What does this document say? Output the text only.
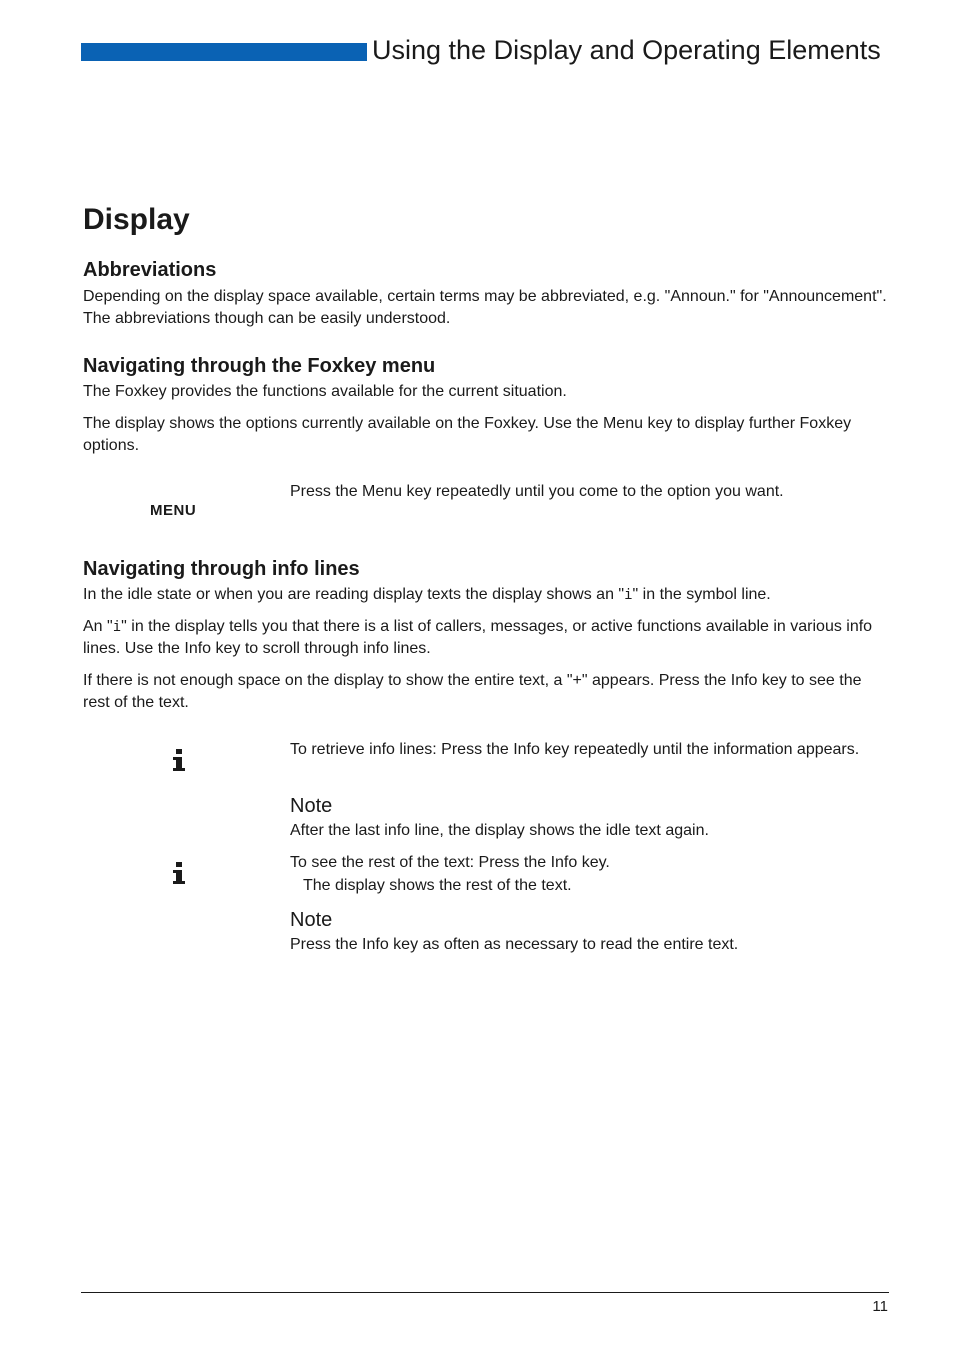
Using the Display and Operating Elements
Display
Abbreviations
Depending on the display space available, certain terms may be abbreviated, e.g. "Announ." for "Announcement". The abbreviations though can be easily understood.
Navigating through the Foxkey menu
The Foxkey provides the functions available for the current situation.
The display shows the options currently available on the Foxkey. Use the Menu key to display further Foxkey options.
Navigating through info lines
In the idle state or when you are reading display texts the display shows an "i" in the symbol line.
An "i" in the display tells you that there is a list of callers, messages, or active functions available in various info lines. Use the Info key to scroll through info lines.
If there is not enough space on the display to show the entire text, a "+" appears. Press the Info key to see the rest of the text.
MENU
Press the Menu key repeatedly until you come to the option you want.
To retrieve info lines: Press the Info key repeatedly until the information appears.
Note
After the last info line, the display shows the idle text again.
To see the rest of the text: Press the Info key.
The display shows the rest of the text.
Note
Press the Info key as often as necessary to read the entire text.
11
